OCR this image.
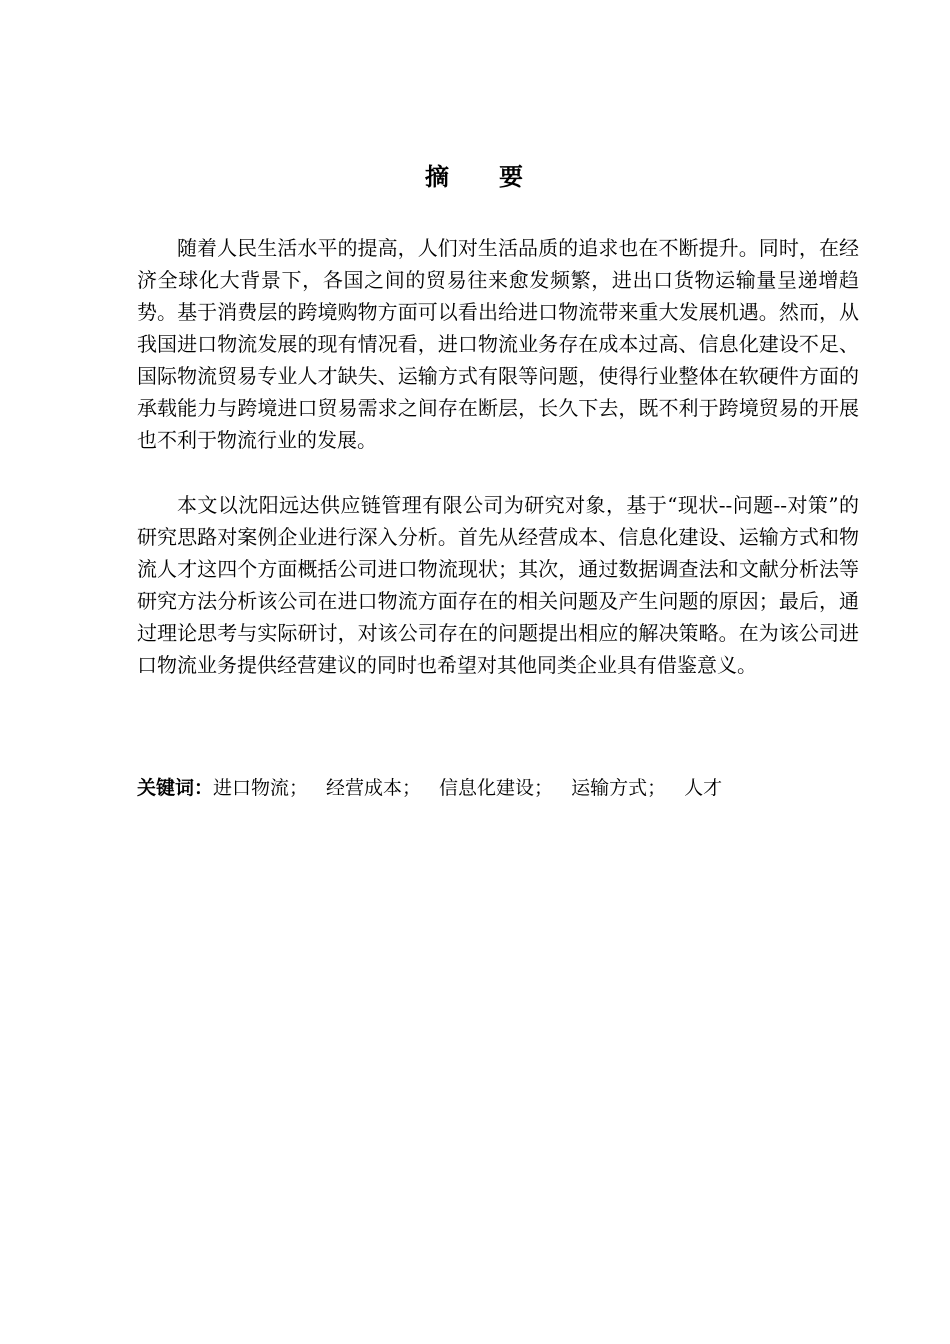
摘 要

随着人民生活水平的提高，人们对生活品质的追求也在不断提升。同时，在经济全球化大背景下，各国之间的贸易往来愈发频繁，进出口货物运输量呈递增趋势。基于消费层的跨境购物方面可以看出给进口物流带来重大发展机遇。然而，从我国进口物流发展的现有情况看，进口物流业务存在成本过高、信息化建设不足、国际物流贸易专业人才缺失、运输方式有限等问题，使得行业整体在软硬件方面的承载能力与跨境进口贸易需求之间存在断层，长久下去，既不利于跨境贸易的开展也不利于物流行业的发展。

本文以沈阳远达供应链管理有限公司为研究对象，基于“现状--问题--对策”的研究思路对案例企业进行深入分析。首先从经营成本、信息化建设、运输方式和物流人才这四个方面概括公司进口物流现状；其次，通过数据调查法和文献分析法等研究方法分析该公司在进口物流方面存在的相关问题及产生问题的原因；最后，通过理论思考与实际研讨，对该公司存在的问题提出相应的解决策略。在为该公司进口物流业务提供经营建议的同时也希望对其他同类企业具有借鉴意义。

关键词：进口物流； 经营成本； 信息化建设； 运输方式； 人才
